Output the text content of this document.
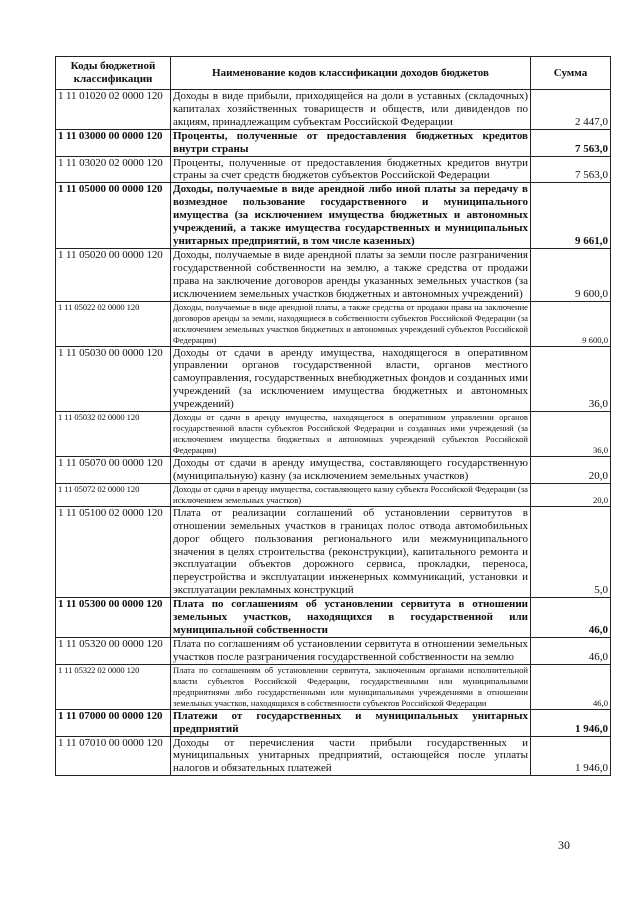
Коды бюджетной классификации	Наименование кодов классификации доходов бюджетов	Сумма
1 11 01020 02 0000 120	Доходы в виде прибыли, приходящейся на доли в уставных (складочных) капиталах хозяйственных товариществ и обществ, или дивидендов по акциям, принадлежащим субъектам Российской Федерации	2 447,0
1 11 03000 00 0000 120	Проценты, полученные от предоставления бюджетных кредитов внутри страны	7 563,0
1 11 03020 02 0000 120	Проценты, полученные от предоставления бюджетных кредитов внутри страны за счет средств бюджетов субъектов Российской Федерации	7 563,0
1 11 05000 00 0000 120	Доходы, получаемые в виде арендной либо иной платы за передачу в возмездное пользование государственного и муниципального имущества (за исключением имущества бюджетных и автономных учреждений, а также имущества государственных и муниципальных унитарных предприятий, в том числе казенных)	9 661,0
1 11 05020 00 0000 120	Доходы, получаемые в виде арендной платы за земли после разграничения государственной собственности на землю, а также средства от продажи права на заключение договоров аренды указанных земельных участков (за исключением земельных участков бюджетных и автономных учреждений)	9 600,0
1 11 05022 02 0000 120	Доходы, получаемые в виде арендной платы, а также средства от продажи права на заключение договоров аренды за земли, находящиеся в собственности субъектов Российской Федерации (за исключением земельных участков бюджетных и автономных учреждений субъектов Российской Федерации)	9 600,0
1 11 05030 00 0000 120	Доходы от сдачи в аренду имущества, находящегося в оперативном управлении органов государственной власти, органов местного самоуправления, государственных внебюджетных фондов и созданных ими учреждений (за исключением имущества бюджетных и автономных учреждений)	36,0
1 11 05032 02 0000 120	Доходы от сдачи в аренду имущества, находящегося в оперативном управлении органов государственной власти субъектов Российской Федерации и созданных ими учреждений (за исключением имущества бюджетных и автономных учреждений субъектов Российской Федерации)	36,0
1 11 05070 00 0000 120	Доходы от сдачи в аренду имущества, составляющего государственную (муниципальную) казну (за исключением земельных участков)	20,0
1 11 05072 02 0000 120	Доходы от сдачи в аренду имущества, составляющего казну субъекта Российской Федерации (за исключением земельных участков)	20,0
1 11 05100 02 0000 120	Плата от реализации соглашений об установлении сервитутов в отношении земельных участков в границах полос отвода автомобильных дорог общего пользования регионального или межмуниципального значения в целях строительства (реконструкции), капитального ремонта и эксплуатации объектов дорожного сервиса, прокладки, переноса, переустройства и эксплуатации инженерных коммуникаций, установки и эксплуатации рекламных конструкций	5,0
1 11 05300 00 0000 120	Плата по соглашениям об установлении сервитута в отношении земельных участков, находящихся в государственной или муниципальной собственности	46,0
1 11 05320 00 0000 120	Плата по соглашениям об установлении сервитута в отношении земельных участков после разграничения государственной собственности на землю	46,0
1 11 05322 02 0000 120	Плата по соглашениям об установлении сервитута, заключенным органами исполнительной власти субъектов Российской Федерации, государственными или муниципальными предприятиями либо государственными или муниципальными учреждениями в отношении земельных участков, находящихся в собственности субъектов Российской Федерации	46,0
1 11 07000 00 0000 120	Платежи от государственных и муниципальных унитарных предприятий	1 946,0
1 11 07010 00 0000 120	Доходы от перечисления части прибыли государственных и муниципальных унитарных предприятий, остающейся после уплаты налогов и обязательных платежей	1 946,0
30
